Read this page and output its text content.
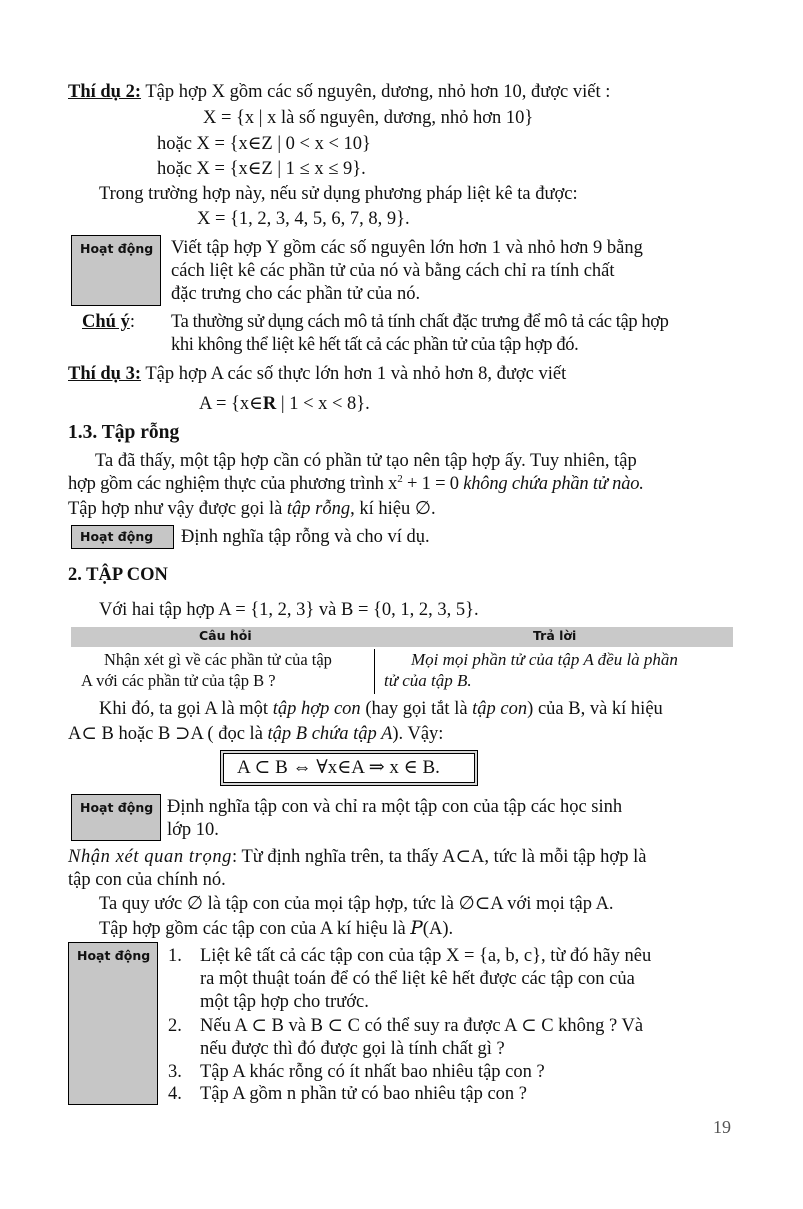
Thí dụ 2: Tập hợp X gồm các số nguyên, dương, nhỏ hơn 10, được viết :
X = {x | x là số nguyên, dương, nhỏ hơn 10}
hoặc X = {x∈Z | 0 < x < 10}
hoặc X = {x∈Z | 1 ≤ x ≤ 9}.
Trong trường hợp này, nếu sử dụng phương pháp liệt kê ta được:
X = {1, 2, 3, 4, 5, 6, 7, 8, 9}.
Hoạt động Viết tập hợp Y gồm các số nguyên lớn hơn 1 và nhỏ hơn 9 bằng
cách liệt kê các phần tử của nó và bằng cách chỉ ra tính chất
đặc trưng cho các phần tử của nó.
Chú ý: Ta thường sử dụng cách mô tả tính chất đặc trưng để mô tả các tập hợp
khi không thể liệt kê hết tất cả các phần tử của tập hợp đó.
Thí dụ 3: Tập hợp A các số thực lớn hơn 1 và nhỏ hơn 8, được viết
A = {x∈R | 1 < x < 8}.
1.3. Tập rỗng
Ta đã thấy, một tập hợp cần có phần tử tạo nên tập hợp ấy. Tuy nhiên, tập
hợp gồm các nghiệm thực của phương trình $x^2 + 1 = 0$ không chứa phần tử nào.
Tập hợp như vậy được gọi là tập rỗng, kí hiệu ∅.
Hoạt động Định nghĩa tập rỗng và cho ví dụ.
2. TẬP CON
Với hai tập hợp A = {1, 2, 3} và B = {0, 1, 2, 3, 5}.
Câu hỏi	Trả lời
Nhận xét gì về các phần tử của tập
A với các phần tử của tập B ?
Mọi mọi phần tử của tập A đều là phần
tử của tập B.
Khi đó, ta gọi A là một tập hợp con (hay gọi tắt là tập con) của B, và kí hiệu
A⊂ B hoặc B ⊃A ( đọc là tập B chứa tập A). Vậy:
A ⊂ B ⇔ ∀x∈A ⇒ x ∈ B.
Hoạt động Định nghĩa tập con và chỉ ra một tập con của tập các học sinh
lớp 10.
Nhận xét quan trọng: Từ định nghĩa trên, ta thấy A⊂A, tức là mỗi tập hợp là
tập con của chính nó.
Ta quy ước ∅ là tập con của mọi tập hợp, tức là ∅⊂A với mọi tập A.
Tập hợp gồm các tập con của A kí hiệu là P(A).
Hoạt động 1. Liệt kê tất cả các tập con của tập X = {a, b, c}, từ đó hãy nêu
ra một thuật toán để có thể liệt kê hết được các tập con của
một tập hợp cho trước.
2. Nếu A ⊂ B và B ⊂ C có thể suy ra được A ⊂ C không ? Và
nếu được thì đó được gọi là tính chất gì ?
3. Tập A khác rỗng có ít nhất bao nhiêu tập con ?
4. Tập A gồm n phần tử có bao nhiêu tập con ?
19
